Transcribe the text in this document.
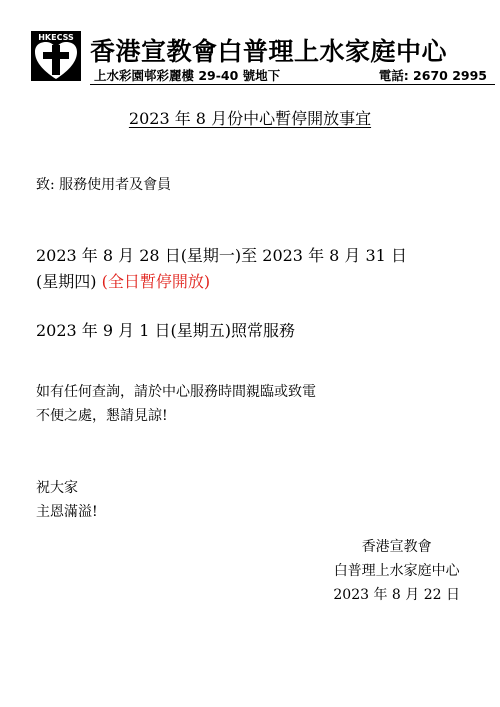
HKECSS 香港宣教會白普理上水家庭中心
上水彩園邨彩麗樓 29-40 號地下	電話: 2670 2995
2023 年 8 月份中心暫停開放事宜
致: 服務使用者及會員
2023 年 8 月 28 日(星期一)至 2023 年 8 月 31 日
(星期四) (全日暫停開放)
2023 年 9 月 1 日(星期五)照常服務
如有任何查詢，請於中心服務時間親臨或致電
不便之處，懇請見諒!
祝大家
主恩滿溢!
香港宣教會
白普理上水家庭中心
2023 年 8 月 22 日
